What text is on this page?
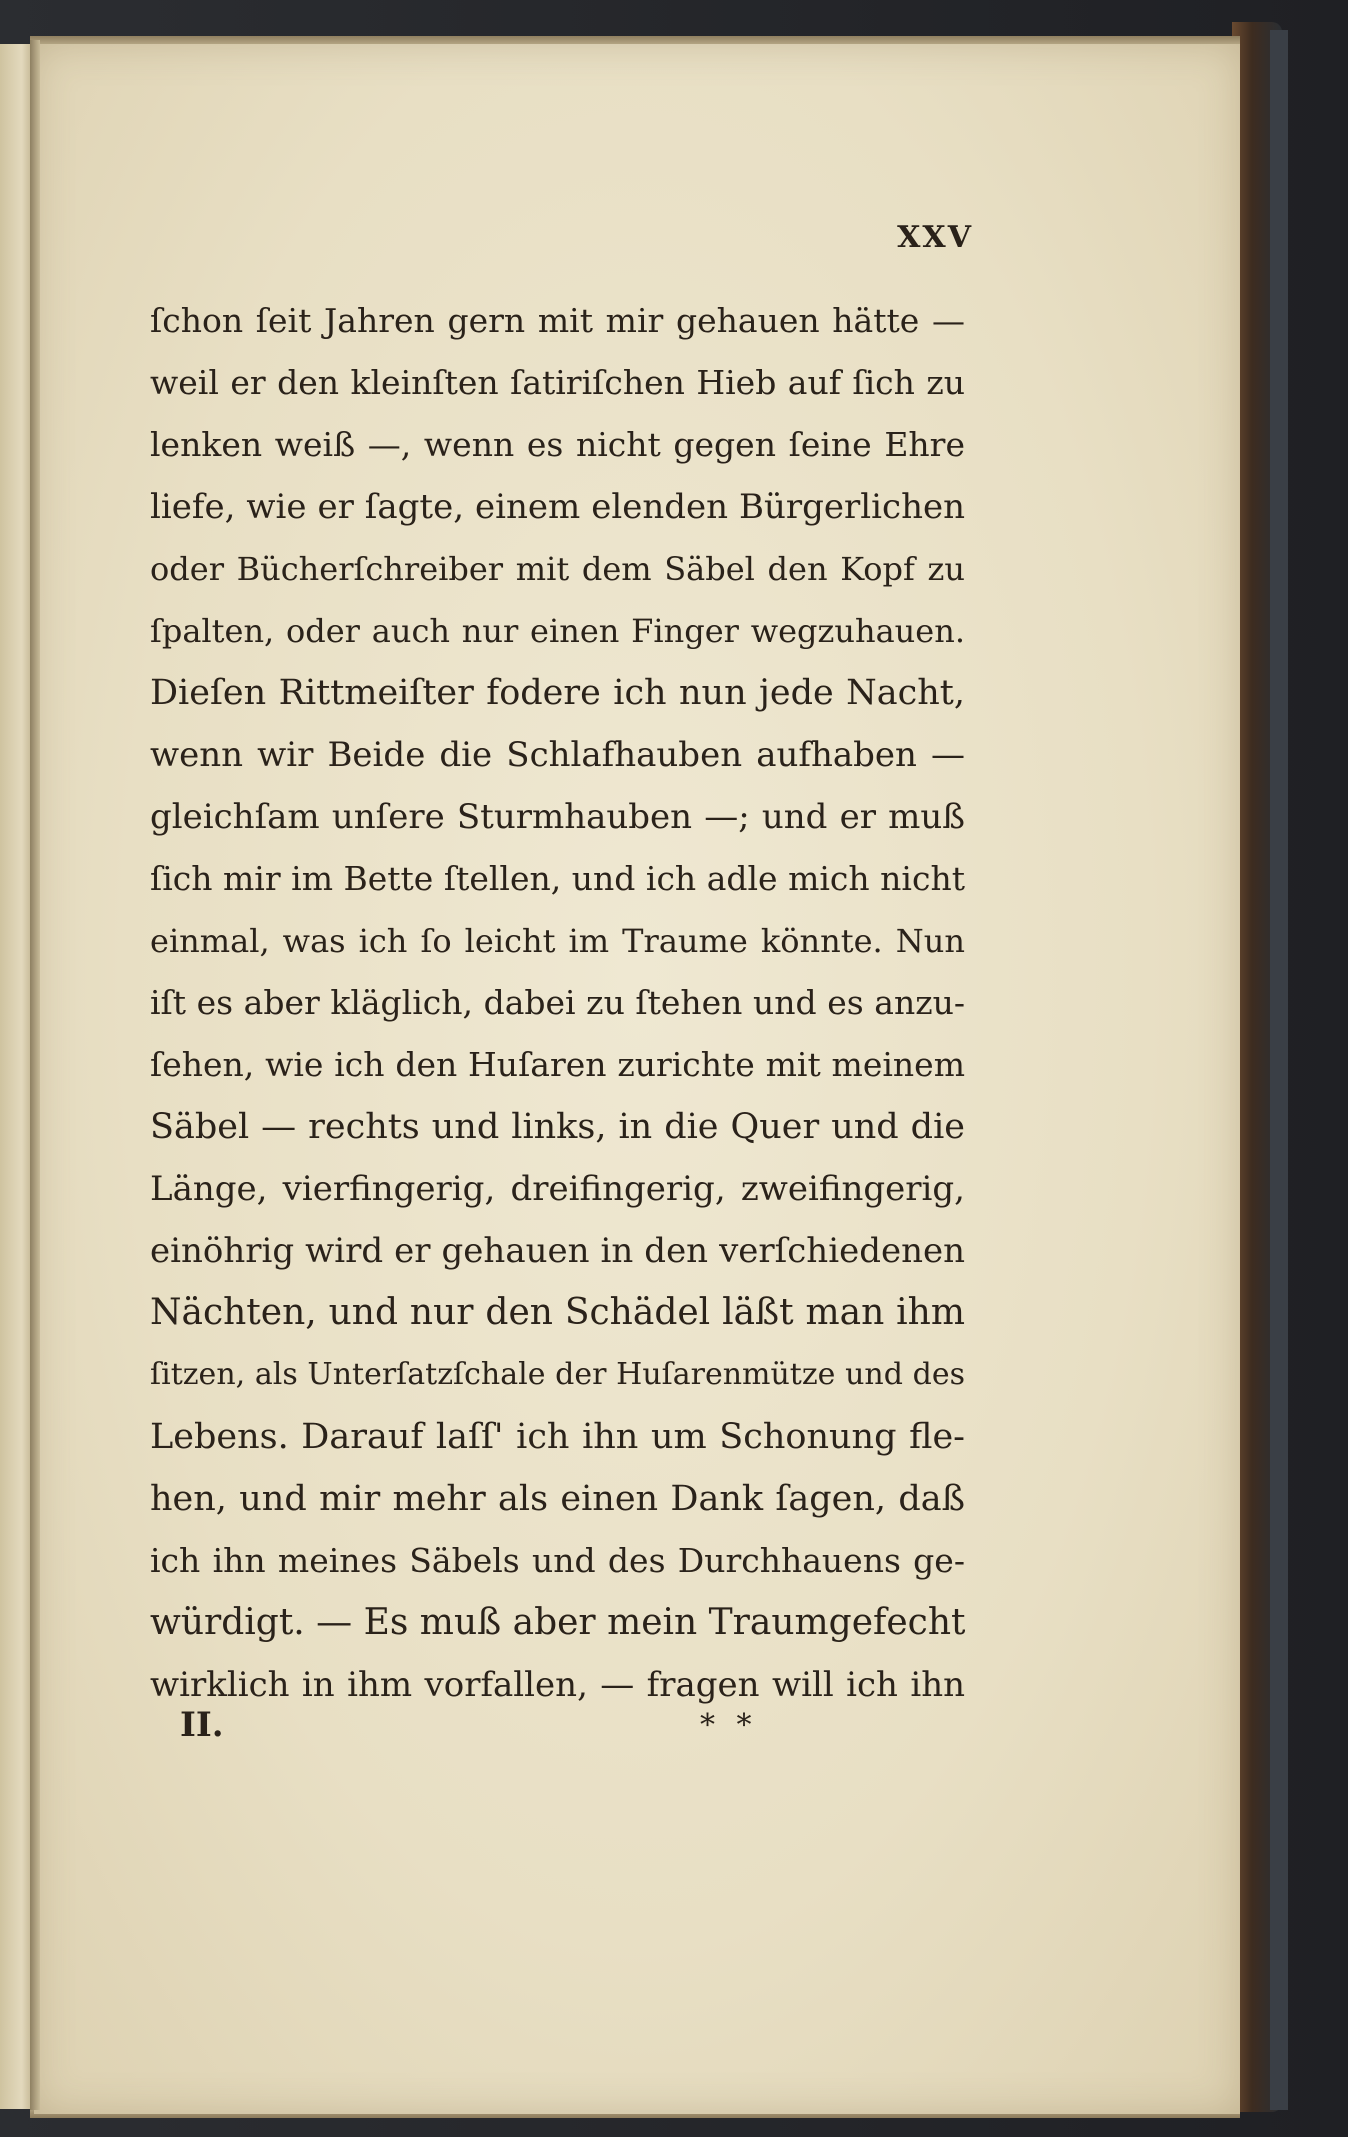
XXV
ſchon ſeit Jahren gern mit mir gehauen hätte —
weil er den kleinſten ſatiriſchen Hieb auf ſich zu
lenken weiß —, wenn es nicht gegen ſeine Ehre
liefe, wie er ſagte, einem elenden Bürgerlichen
oder Bücherſchreiber mit dem Säbel den Kopf zu
ſpalten, oder auch nur einen Finger wegzuhauen.
Dieſen Rittmeiſter fodere ich nun jede Nacht,
wenn wir Beide die Schlafhauben aufhaben —
gleichſam unſere Sturmhauben —; und er muß
ſich mir im Bette ſtellen, und ich adle mich nicht
einmal, was ich ſo leicht im Traume könnte. Nun
iſt es aber kläglich, dabei zu ſtehen und es anzu-
ſehen, wie ich den Huſaren zurichte mit meinem
Säbel — rechts und links, in die Quer und die
Länge, vierfingerig, dreifingerig, zweifingerig,
einöhrig wird er gehauen in den verſchiedenen
Nächten, und nur den Schädel läßt man ihm
ſitzen, als Unterſatzſchale der Huſarenmütze und des
Lebens. Darauf laſſ' ich ihn um Schonung fle-
hen, und mir mehr als einen Dank ſagen, daß
ich ihn meines Säbels und des Durchhauens ge-
würdigt. — Es muß aber mein Traumgefecht
wirklich in ihm vorfallen, — fragen will ich ihn
II.	* *
